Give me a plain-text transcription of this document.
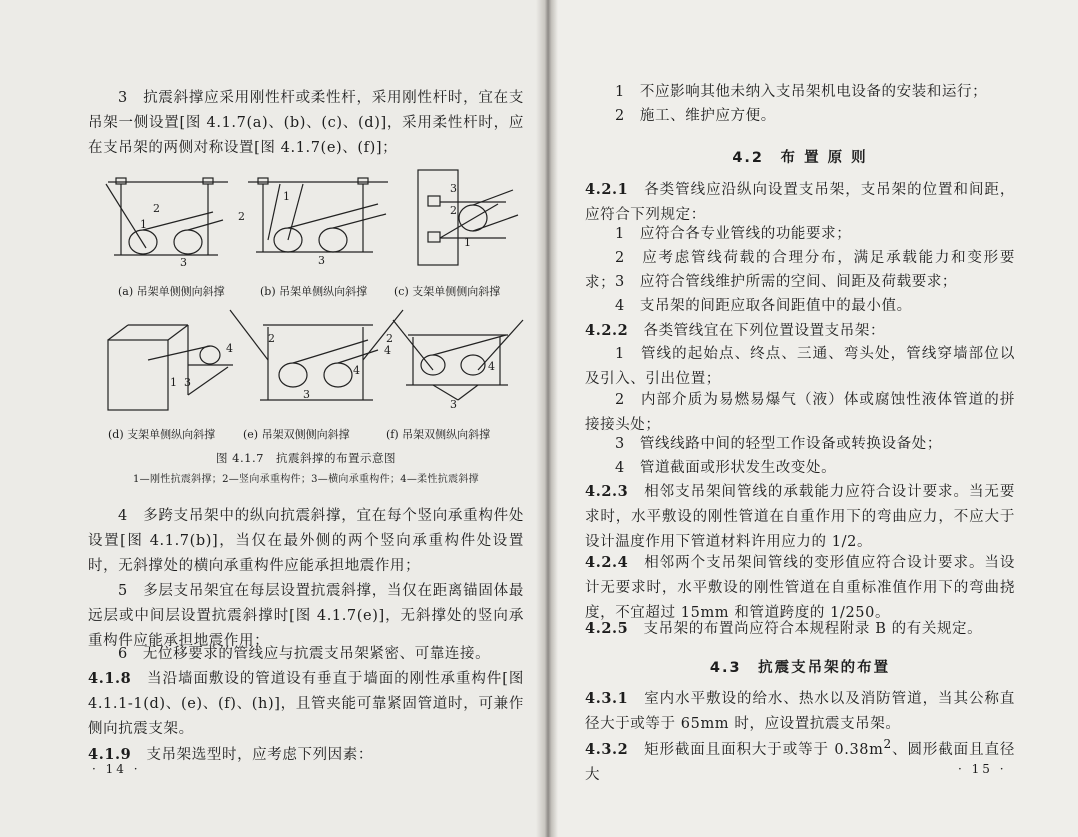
3　抗震斜撑应采用刚性杆或柔性杆，采用刚性杆时，宜在支吊架一侧设置[图 4.1.7(a)、(b)、(c)、(d)]，采用柔性杆时，应在支吊架的两侧对称设置[图 4.1.7(e)、(f)]；

2
1
3
2
1
3
3
2
1
1 3
4
2
4
3
2
4
4
3
(a) 吊架单侧侧向斜撑	(b) 吊架单侧纵向斜撑 (c) 支架单侧侧向斜撑
(d) 支架单侧纵向斜撑	(e) 吊架双侧侧向斜撑	(f) 吊架双侧纵向斜撑
图 4.1.7　抗震斜撑的布置示意图
1—刚性抗震斜撑；2—竖向承重构件；3—横向承重构件；4—柔性抗震斜撑

4　多跨支吊架中的纵向抗震斜撑，宜在每个竖向承重构件处设置[图 4.1.7(b)]，当仅在最外侧的两个竖向承重构件处设置时，无斜撑处的横向承重构件应能承担地震作用；

5　多层支吊架宜在每层设置抗震斜撑，当仅在距离锚固体最远层或中间层设置抗震斜撑时[图 4.1.7(e)]，无斜撑处的竖向承重构件应能承担地震作用；

6　无位移要求的管线应与抗震支吊架紧密、可靠连接。

4.1.8　 当沿墙面敷设的管道设有垂直于墙面的刚性承重构件[图 4.1.1-1(d)、(e)、(f)、(h)]，且管夹能可靠紧固管道时，可兼作侧向抗震支架。

4.1.9　 支吊架选型时，应考虑下列因素：

· 14 ·

1　不应影响其他未纳入支吊架机电设备的安装和运行；

2　施工、维护应方便。

4.2　布 置 原 则

4.2.1　 各类管线应沿纵向设置支吊架，支吊架的位置和间距，应符合下列规定：

1　应符合各专业管线的功能要求；

2　应考虑管线荷载的合理分布，满足承载能力和变形要求； 3　应符合管线维护所需的空间、间距及荷载要求；

4　支吊架的间距应取各间距值中的最小值。

4.2.2　 各类管线宜在下列位置设置支吊架：

1　管线的起始点、终点、三通、弯头处，管线穿墙部位以及引入、引出位置；

2　内部介质为易燃易爆气（液）体或腐蚀性液体管道的拼接接头处；

3　管线线路中间的轻型工作设备或转换设备处；

4　管道截面或形状发生改变处。

4.2.3　 相邻支吊架间管线的承载能力应符合设计要求。当无要求时，水平敷设的刚性管道在自重作用下的弯曲应力，不应大于设计温度作用下管道材料许用应力的 1/2。

4.2.4　 相邻两个支吊架间管线的变形值应符合设计要求。当设计无要求时，水平敷设的刚性管道在自重标准值作用下的弯曲挠度，不宜超过 15mm 和管道跨度的 1/250。

4.2.5　 支吊架的布置尚应符合本规程附录 B 的有关规定。

4.3　抗震支吊架的布置

4.3.1　 室内水平敷设的给水、热水以及消防管道，当其公称直径大于或等于 65mm 时，应设置抗震支吊架。

4.3.2　 矩形截面且面积大于或等于 $0.38m^2$、圆形截面且直径大	· 15 ·
